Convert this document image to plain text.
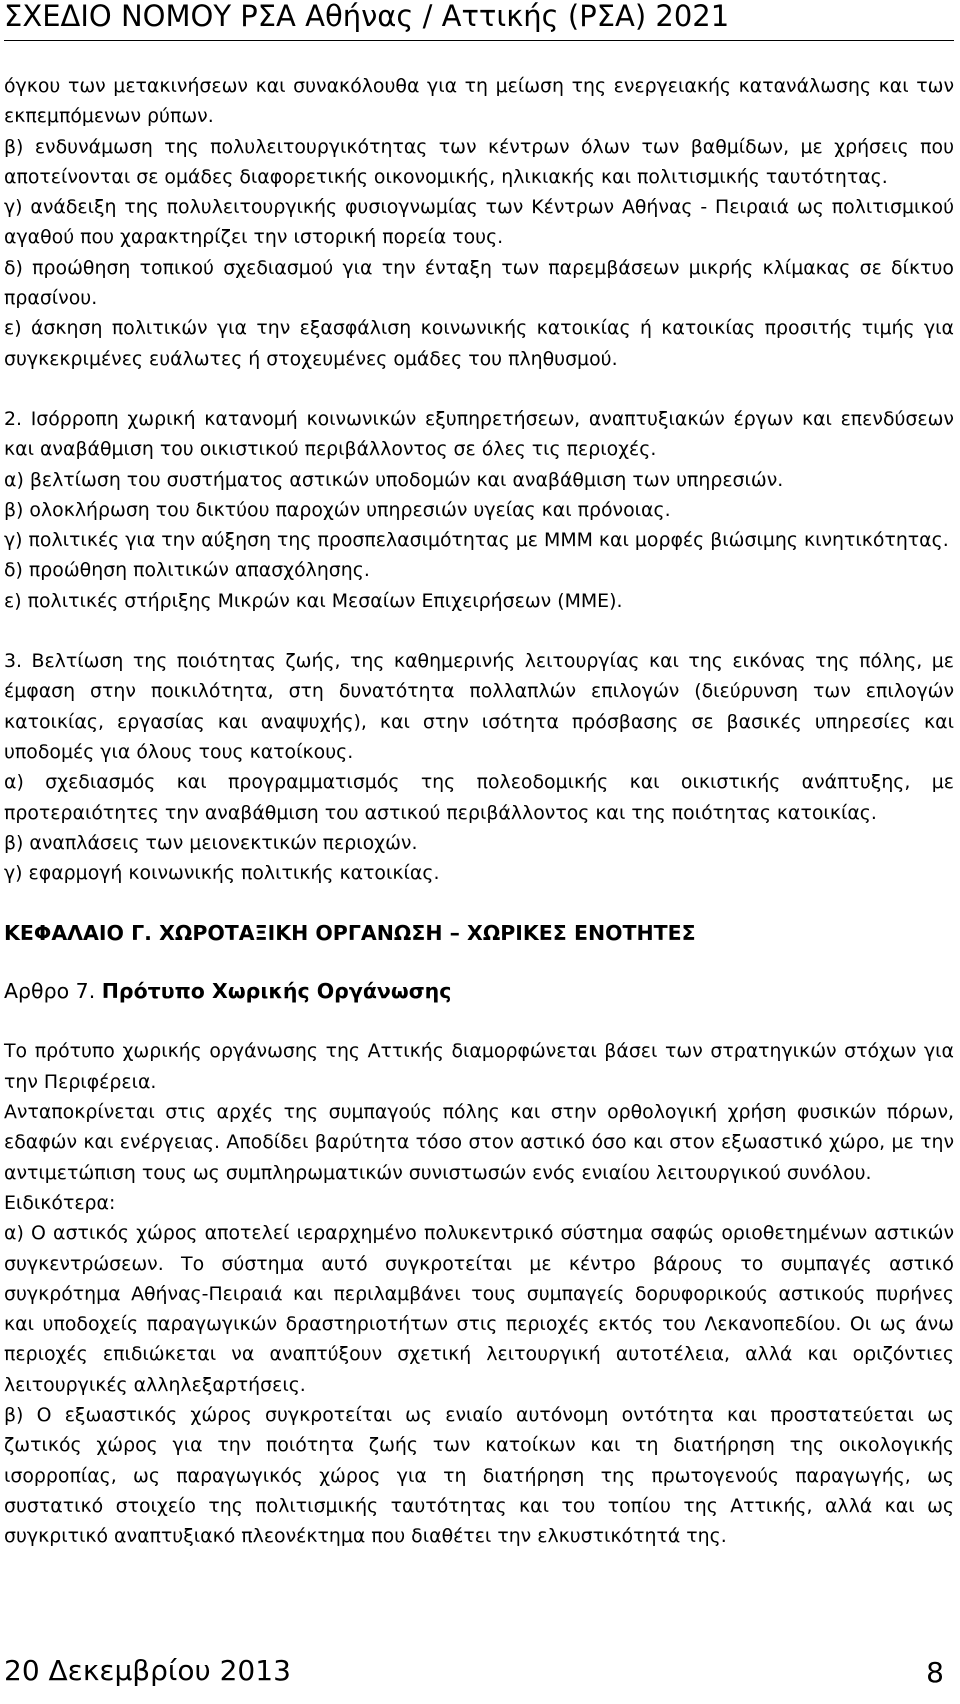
ΣΧΕΔΙΟ ΝΟΜΟΥ ΡΣΑ Αθήνας / Αττικής (ΡΣΑ) 2021

όγκου των μετακινήσεων και συνακόλουθα για τη μείωση της ενεργειακής κατανάλωσης και των εκπεμπόμενων ρύπων.

β) ενδυνάμωση της πολυλειτουργικότητας των κέντρων όλων των βαθμίδων, με χρήσεις που αποτείνονται σε ομάδες διαφορετικής οικονομικής, ηλικιακής και πολιτισμικής ταυτότητας.

γ) ανάδειξη της πολυλειτουργικής φυσιογνωμίας των Κέντρων Αθήνας - Πειραιά ως πολιτισμικού αγαθού που χαρακτηρίζει την ιστορική πορεία τους.

δ) προώθηση τοπικού σχεδιασμού για την ένταξη των παρεμβάσεων μικρής κλίμακας σε δίκτυο πρασίνου.

ε) άσκηση πολιτικών για την εξασφάλιση κοινωνικής κατοικίας ή κατοικίας προσιτής τιμής για συγκεκριμένες ευάλωτες ή στοχευμένες ομάδες του πληθυσμού.

2. Ισόρροπη χωρική κατανομή κοινωνικών εξυπηρετήσεων, αναπτυξιακών έργων και επενδύσεων και αναβάθμιση του οικιστικού περιβάλλοντος σε όλες τις περιοχές.

α) βελτίωση του συστήματος αστικών υποδομών και αναβάθμιση των υπηρεσιών.

β) ολοκλήρωση του δικτύου παροχών υπηρεσιών υγείας και πρόνοιας.

γ) πολιτικές για την αύξηση της προσπελασιμότητας με ΜΜΜ και μορφές βιώσιμης κινητικότητας.

δ) προώθηση πολιτικών απασχόλησης.

ε) πολιτικές στήριξης Μικρών και Μεσαίων Επιχειρήσεων (ΜΜΕ).

3. Βελτίωση της ποιότητας ζωής, της καθημερινής λειτουργίας και της εικόνας της πόλης, με έμφαση στην ποικιλότητα, στη δυνατότητα πολλαπλών επιλογών (διεύρυνση των επιλογών κατοικίας, εργασίας και αναψυχής), και στην ισότητα πρόσβασης σε βασικές υπηρεσίες και υποδομές για όλους τους κατοίκους.

α) σχεδιασμός και προγραμματισμός της πολεοδομικής και οικιστικής ανάπτυξης, με προτεραιότητες την αναβάθμιση του αστικού περιβάλλοντος και της ποιότητας κατοικίας.

β) αναπλάσεις των μειονεκτικών περιοχών.

γ) εφαρμογή κοινωνικής πολιτικής κατοικίας.

ΚΕΦΑΛΑΙΟ Γ. ΧΩΡΟΤΑΞΙΚΗ ΟΡΓΑΝΩΣΗ – ΧΩΡΙΚΕΣ ΕΝΟΤΗΤΕΣ

Αρθρο 7. Πρότυπο Χωρικής Οργάνωσης

Το πρότυπο χωρικής οργάνωσης της Αττικής διαμορφώνεται βάσει των στρατηγικών στόχων για την Περιφέρεια.

Ανταποκρίνεται στις αρχές της συμπαγούς πόλης και στην ορθολογική χρήση φυσικών πόρων, εδαφών και ενέργειας. Αποδίδει βαρύτητα τόσο στον αστικό όσο και στον εξωαστικό χώρο, με την αντιμετώπιση τους ως συμπληρωματικών συνιστωσών ενός ενιαίου λειτουργικού συνόλου.

Ειδικότερα:

α) Ο αστικός χώρος αποτελεί ιεραρχημένο πολυκεντρικό σύστημα σαφώς οριοθετημένων αστικών συγκεντρώσεων. Το σύστημα αυτό συγκροτείται με κέντρο βάρους το συμπαγές αστικό συγκρότημα Αθήνας-Πειραιά και περιλαμβάνει τους συμπαγείς δορυφορικούς αστικούς πυρήνες και υποδοχείς παραγωγικών δραστηριοτήτων στις περιοχές εκτός του Λεκανοπεδίου. Οι ως άνω περιοχές επιδιώκεται να αναπτύξουν σχετική λειτουργική αυτοτέλεια, αλλά και οριζόντιες λειτουργικές αλληλεξαρτήσεις.

β) Ο εξωαστικός χώρος συγκροτείται ως ενιαίο αυτόνομη οντότητα και προστατεύεται ως ζωτικός χώρος για την ποιότητα ζωής των κατοίκων και τη διατήρηση της οικολογικής ισορροπίας, ως παραγωγικός χώρος για τη διατήρηση της πρωτογενούς παραγωγής, ως συστατικό στοιχείο της πολιτισμικής ταυτότητας και του τοπίου της Αττικής, αλλά και ως συγκριτικό αναπτυξιακό πλεονέκτημα που διαθέτει την ελκυστικότητά της.

20 Δεκεμβρίου 2013	8
